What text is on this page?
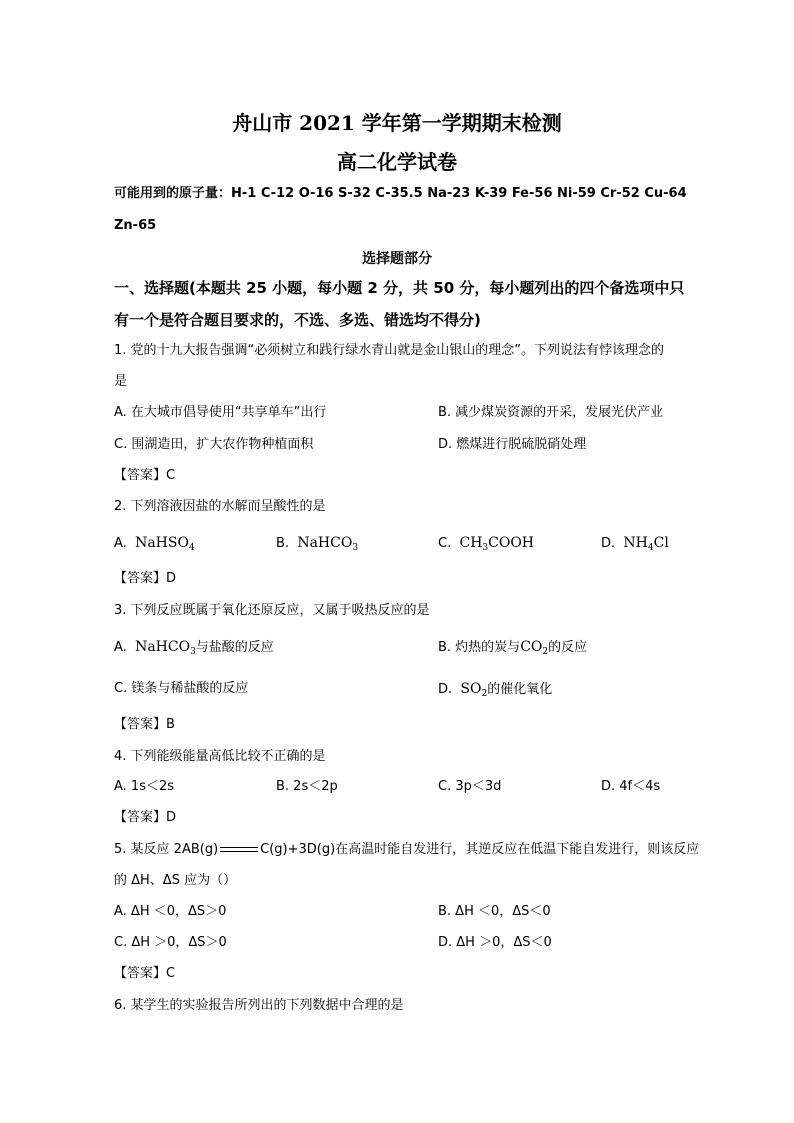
舟山市 2021 学年第一学期期末检测
高二化学试卷
可能用到的原子量：H-1 C-12 O-16 S-32 C-35.5 Na-23 K-39 Fe-56 Ni-59 Cr-52 Cu-64
Zn-65
选择题部分
一、选择题(本题共 25 小题，每小题 2 分，共 50 分，每小题列出的四个备选项中只
有一个是符合题目要求的，不选、多选、错选均不得分)
1. 党的十九大报告强调“必须树立和践行绿水青山就是金山银山的理念”。下列说法有悖该理念的
是
A. 在大城市倡导使用“共享单车”出行	B. 减少煤炭资源的开采，发展光伏产业
C. 围湖造田，扩大农作物种植面积	D. 燃煤进行脱硫脱硝处理
【答案】C
2. 下列溶液因盐的水解而呈酸性的是
A. NaHSO$_4$	B. NaHCO$_3$	C. $CH_3COOH$	D. $NH_4Cl$
【答案】D
3. 下列反应既属于氧化还原反应，又属于吸热反应的是
A. NaHCO$_3$与盐酸的反应	B. 灼热的炭与$CO_2$的反应
C. 镁条与稀盐酸的反应	D. $SO_2$的催化氧化
【答案】B
4. 下列能级能量高低比较不正确的是
A. 1s＜2s	B. 2s＜2p	C. 3p＜3d	D. 4f＜4s
【答案】D
5. 某反应 2AB(g)	C(g)+3D(g)在高温时能自发进行，其逆反应在低温下能自发进行，则该反应
的 ΔH、ΔS 应为（）
A. ΔH ＜0，ΔS＞0	B. ΔH ＜0，ΔS＜0
C. ΔH ＞0，ΔS＞0	D. ΔH ＞0，ΔS＜0
【答案】C
6. 某学生的实验报告所列出的下列数据中合理的是
